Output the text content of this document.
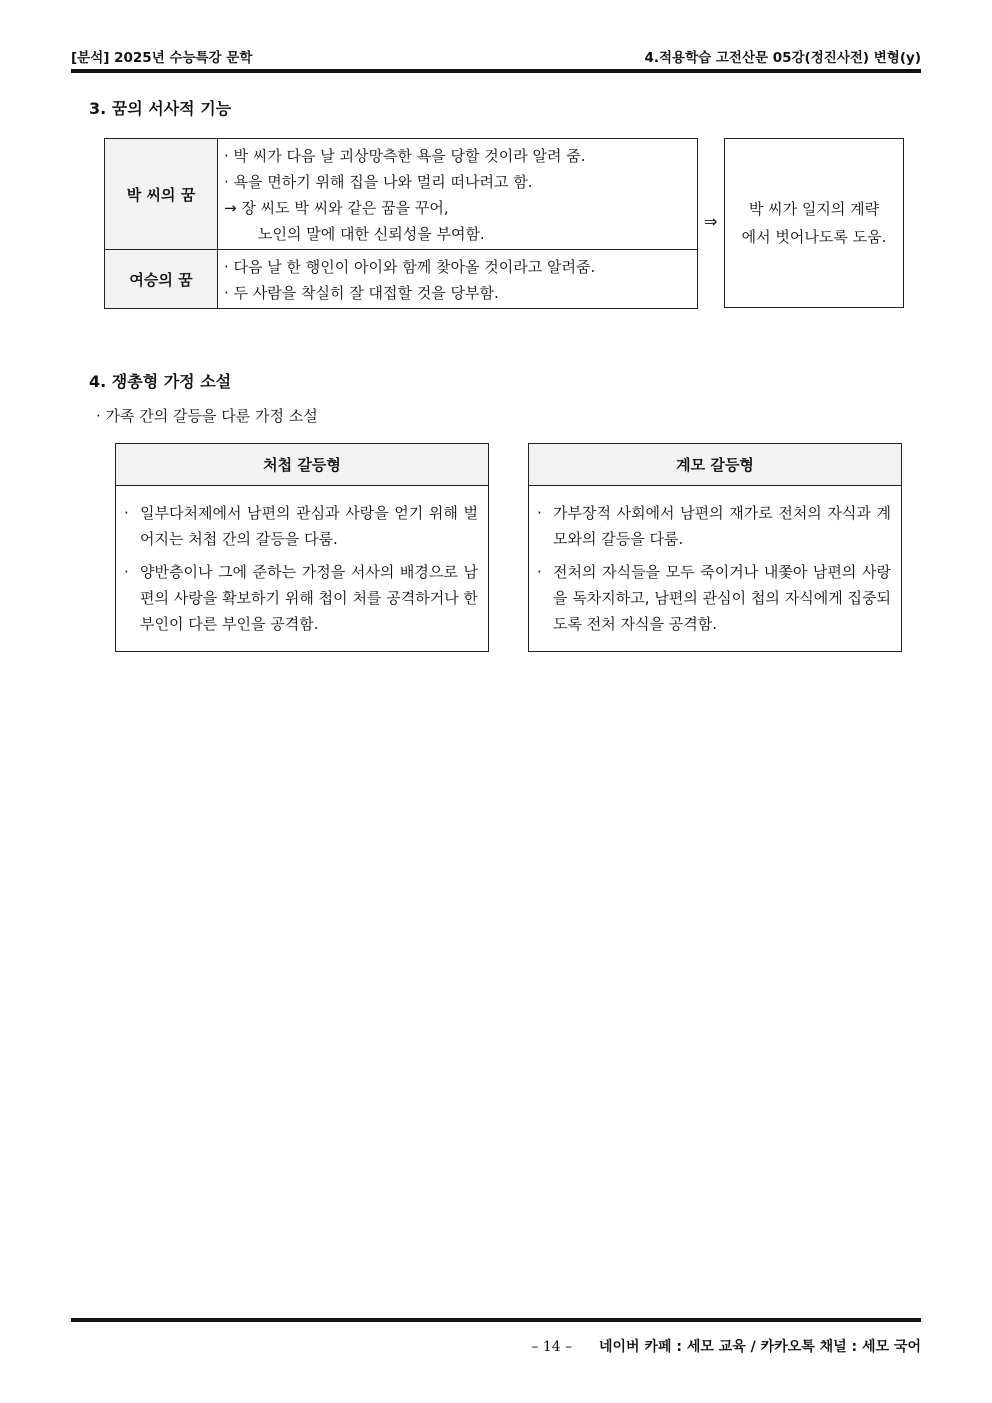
[분석] 2025년 수능특강 문학	4.적용학습 고전산문 05강(정진사전) 변형(y)
3. 꿈의 서사적 기능
박 씨의 꿈	· 박 씨가 다음 날 괴상망측한 욕을 당할 것이라 알려 줌.
· 욕을 면하기 위해 집을 나와 멀리 떠나려고 함.
→ 장 씨도 박 씨와 같은 꿈을 꾸어,
노인의 말에 대한 신뢰성을 부여함.

여승의 꿈	· 다음 날 한 행인이 아이와 함께 찾아올 것이라고 알려줌.
· 두 사람을 착실히 잘 대접할 것을 당부함.
⇒
박 씨가 일지의 계략
에서 벗어나도록 도움.
4. 쟁총형 가정 소설
· 가족 간의 갈등을 다룬 가정 소설
처첩 갈등형
· 일부다처제에서 남편의 관심과 사랑을 얻기 위해 벌어지는 처첩 간의 갈등을 다룸.
· 양반층이나 그에 준하는 가정을 서사의 배경으로 남편의 사랑을 확보하기 위해 첩이 처를 공격하거나 한 부인이 다른 부인을 공격함.
계모 갈등형
· 가부장적 사회에서 남편의 재가로 전처의 자식과 계모와의 갈등을 다룸.
· 전처의 자식들을 모두 죽이거나 내쫓아 남편의 사랑을 독차지하고, 남편의 관심이 첩의 자식에게 집중되도록 전처 자식을 공격함.
– 14 – 네이버 카페 : 세모 교육 / 카카오톡 채널 : 세모 국어
